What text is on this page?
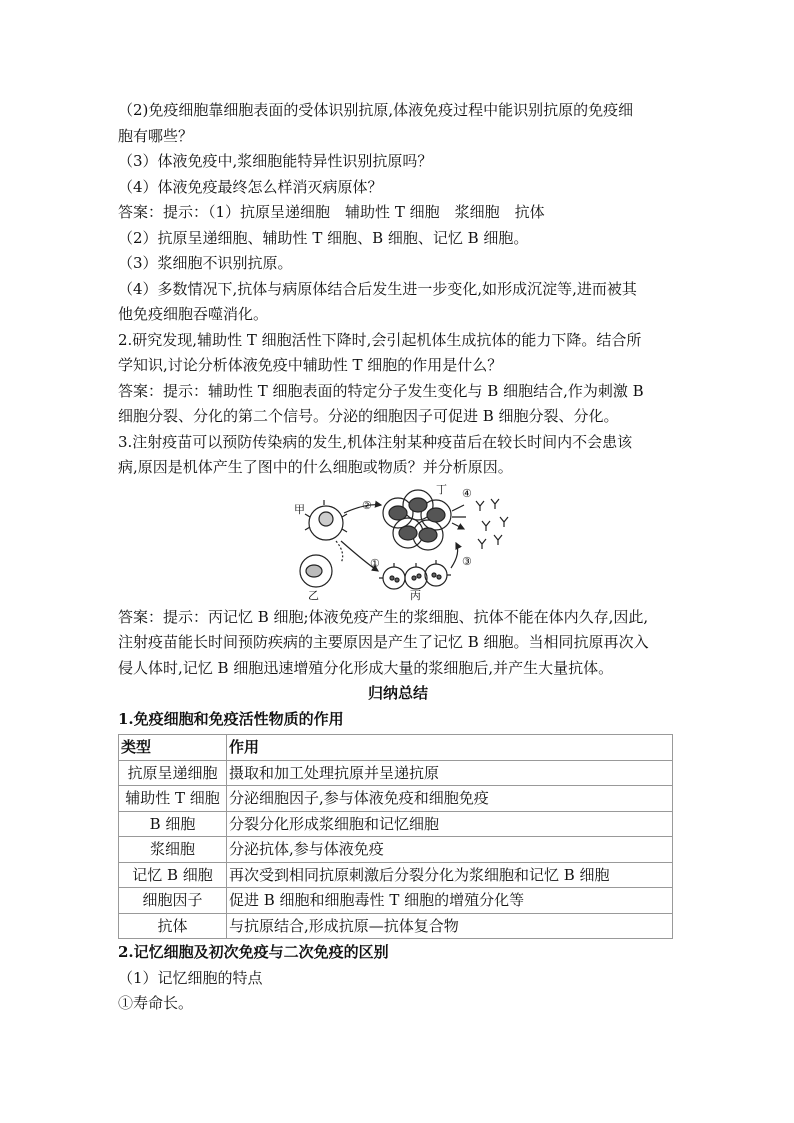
（2)免疫细胞靠细胞表面的受体识别抗原,体液免疫过程中能识别抗原的免疫细

胞有哪些？

（3）体液免疫中,浆细胞能特异性识别抗原吗？

（4）体液免疫最终怎么样消灭病原体？

答案：提示：（1）抗原呈递细胞　辅助性 T 细胞　浆细胞　抗体

（2）抗原呈递细胞、辅助性 T 细胞、B 细胞、记忆 B 细胞。

（3）浆细胞不识别抗原。

（4）多数情况下,抗体与病原体结合后发生进一步变化,如形成沉淀等,进而被其

他免疫细胞吞噬消化。

2.研究发现,辅助性 T 细胞活性下降时,会引起机体生成抗体的能力下降。结合所

学知识,讨论分析体液免疫中辅助性 T 细胞的作用是什么？

答案：提示：辅助性 T 细胞表面的特定分子发生变化与 B 细胞结合,作为刺激 B

细胞分裂、分化的第二个信号。分泌的细胞因子可促进 B 细胞分裂、分化。

3.注射疫苗可以预防传染病的发生,机体注射某种疫苗后在较长时间内不会患该

病,原因是机体产生了图中的什么细胞或物质？并分析原因。

甲
乙	丙
丁
①
②
③
④

答案：提示：丙记忆 B 细胞;体液免疫产生的浆细胞、抗体不能在体内久存,因此,

注射疫苗能长时间预防疾病的主要原因是产生了记忆 B 细胞。当相同抗原再次入

侵人体时,记忆 B 细胞迅速增殖分化形成大量的浆细胞后,并产生大量抗体。

归纳总结

1.免疫细胞和免疫活性物质的作用

类型	作用
抗原呈递细胞	摄取和加工处理抗原并呈递抗原
辅助性 T 细胞	分泌细胞因子,参与体液免疫和细胞免疫
B 细胞	分裂分化形成浆细胞和记忆细胞
浆细胞	分泌抗体,参与体液免疫
记忆 B 细胞	再次受到相同抗原刺激后分裂分化为浆细胞和记忆 B 细胞
细胞因子	促进 B 细胞和细胞毒性 T 细胞的增殖分化等
抗体	与抗原结合,形成抗原—抗体复合物

2.记忆细胞及初次免疫与二次免疫的区别

（1）记忆细胞的特点

①寿命长。
